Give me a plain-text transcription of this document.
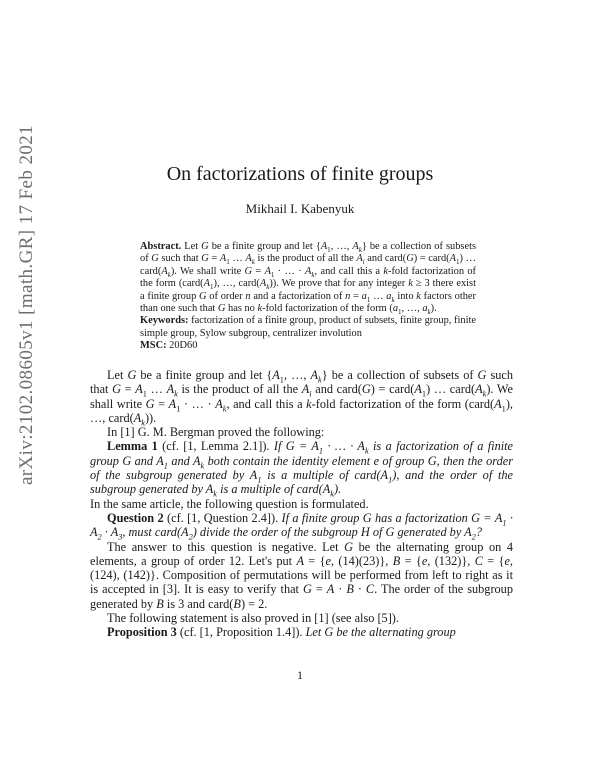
arXiv:2102.08605v1 [math.GR] 17 Feb 2021	On factorizations of finite groups
Mikhail I. Kabenyuk
Abstract. Let G be a finite group and let {$A_1$, …, $A_k$} be a collection of subsets of G such that $G = A_1$ … $A_k$ is the product of all the $A_i$ and card(G) = $card(A_1)$ … $card(A_k)$. We shall write $G = A_1$ · … · $A_k$, and call this a k-fold factorization of the form ($card(A_1)$, …, $card(A_k)$). We prove that for any integer k ≥ 3 there exist a finite group G of order n and a factorization of $n = a_1$ … $a_k$ into k factors other than one such that G has no k-fold factorization of the form ($a_1$, …, $a_k$).
Keywords: factorization of a finite group, product of subsets, finite group, finite simple group, Sylow subgroup, centralizer involution
MSC: 20D60

Let G be a finite group and let {$A_1$, …, $A_k$} be a collection of subsets of G such that $G = A_1$ … $A_k$ is the product of all the $A_i$ and card(G) = $card(A_1)$ … $card(A_k)$. We shall write $G = A_1$ · … · $A_k$, and call this a k-fold factorization of the form ($card(A_1)$, …, $card(A_k)$).

In [1] G. M. Bergman proved the following:

Lemma 1 (cf. [1, Lemma 2.1]). If $G = A_1$ · … · $A_k$ is a factorization of a finite group G and $A_1$ and $A_k$ both contain the identity element e of group G, then the order of the subgroup generated by $A_1$ is a multiple of $card(A_1)$, and the order of the subgroup generated by $A_k$ is a multiple of $card(A_k)$.

In the same article, the following question is formulated.

Question 2 (cf. [1, Question 2.4]). If a finite group G has a factorization $G = A_1 \cdot A_2 \cdot A_3$, must $card(A_2)$ divide the order of the subgroup H of G generated by $A_2$?

The answer to this question is negative. Let G be the alternating group on 4 elements, a group of order 12. Let's put A = {e, (14)(23)}, B = {e, (132)}, C = {e, (124), (142)}. Composition of permutations will be performed from left to right as it is accepted in [3]. It is easy to verify that G = A · B · C. The order of the subgroup generated by B is 3 and card(B) = 2.

The following statement is also proved in [1] (see also [5]).

Proposition 3 (cf. [1, Proposition 1.4]). Let G be the alternating group

1
